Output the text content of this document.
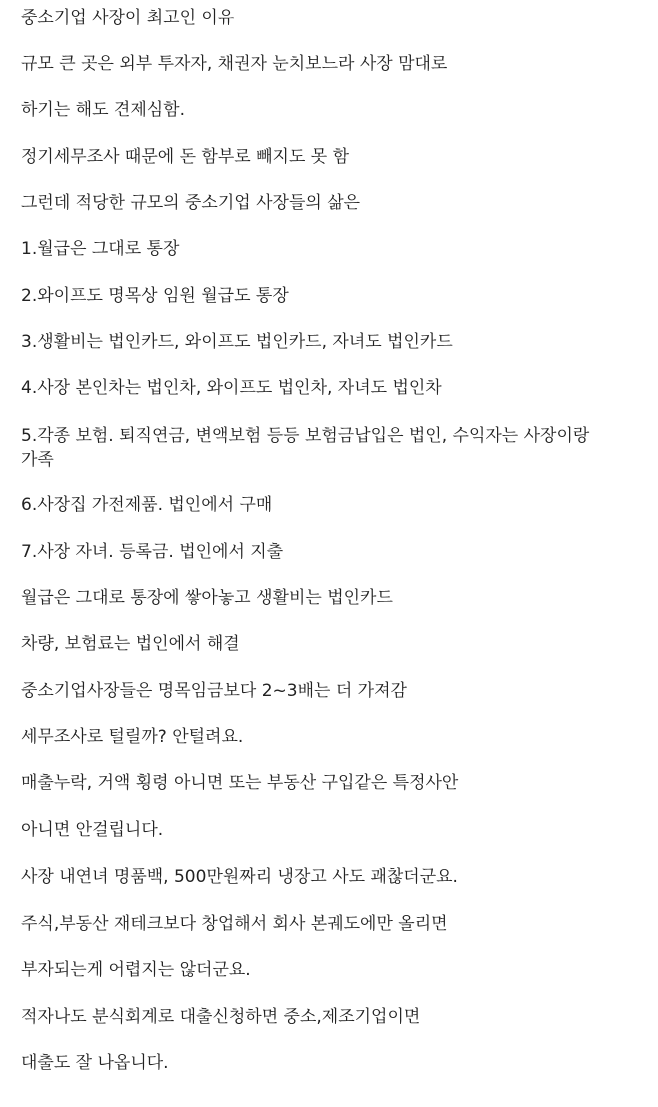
중소기업 사장이 최고인 이유
규모 큰 곳은 외부 투자자, 채권자 눈치보느라 사장 맘대로
하기는 해도 견제심함.
정기세무조사 때문에 돈 함부로 빼지도 못 함
그런데 적당한 규모의 중소기업 사장들의 삶은
1.월급은 그대로 통장
2.와이프도 명목상 임원 월급도 통장
3.생활비는 법인카드, 와이프도 법인카드, 자녀도 법인카드
4.사장 본인차는 법인차, 와이프도 법인차, 자녀도 법인차
5.각종 보험. 퇴직연금, 변액보험 등등 보험금납입은 법인, 수익자는 사장이랑
가족
6.사장집 가전제품. 법인에서 구매
7.사장 자녀. 등록금. 법인에서 지출
월급은 그대로 통장에 쌓아놓고 생활비는 법인카드
차량, 보험료는 법인에서 해결
중소기업사장들은 명목임금보다 2~3배는 더 가져감
세무조사로 털릴까? 안털려요.
매출누락, 거액 횡령 아니면 또는 부동산 구입같은 특정사안
아니면 안걸립니다.
사장 내연녀 명품백, 500만원짜리 냉장고 사도 괘찮더군요.
주식,부동산 재테크보다 창업해서 회사 본궤도에만 올리면
부자되는게 어렵지는 않더군요.
적자나도 분식회계로 대출신청하면 중소,제조기업이면
대출도 잘 나옵니다.
